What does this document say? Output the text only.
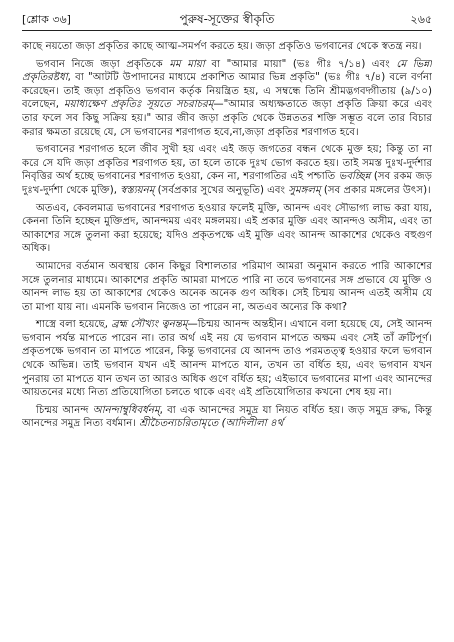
[শ্লোক ৩৬]	পুরুষ-সূক্তের স্বীকৃতি	২৬৫

কাছে নয়তো জড়া প্রকৃতির কাছে আত্ম-সমর্পণ করতে হয়। জড়া প্রকৃতিও ভগবানের থেকে স্বতন্ত্র নয়।

ভগবান নিজে জড়া প্রকৃতিকে মম মায়া বা "আমার মায়া" (ভঃ গীঃ ৭/১৪) এবং মে ভিন্না প্রকৃতিরষ্টধা, বা "আটটি উপাদানের মাধ্যমে প্রকাশিত আমার ভিন্ন প্রকৃতি" (ভঃ গীঃ ৭/৪) বলে বর্ণনা করেছেন। তাই জড়া প্রকৃতিও ভগবান কর্তৃক নিয়ন্ত্রিত হয়, এ সম্বন্ধে তিনি শ্রীমদ্ভগবদ্গীতায় (৯/১০) বলেছেন, ময়াধ্যক্ষেণ প্রকৃতিঃ সূয়তে সচরাচরম্—"আমার অধ্যক্ষতাতে জড়া প্রকৃতি ক্রিয়া করে এবং তার ফলে সব কিছু সক্রিয় হয়।" আর জীব জড়া প্রকৃতি থেকে উন্নততর শক্তি সম্ভূত বলে তার বিচার করার ক্ষমতা রয়েছে যে, সে ভগবানের শরণাগত হবে,না,জড়া প্রকৃতির শরণাগত হবে।

ভগবানের শরণাগত হলে জীব সুখী হয় এবং এই জড় জগতের বন্ধন থেকে মুক্ত হয়; কিন্তু তা না করে সে যদি জড়া প্রকৃতির শরণাগত হয়, তা হলে তাকে দুঃখ ভোগ করতে হয়। তাই সমস্ত দুঃখ-দুর্দশার নিবৃত্তির অর্থ হচ্ছে ভগবানের শরণাগত হওয়া, কেন না, শরণাগতির এই পশ্চাতি ভবচ্ছিন্ন (সব রকম জড় দুঃখ-দুর্দশা থেকে মুক্তি), স্বস্ত্যয়নম্ (সর্বপ্রকার সুখের অনুভূতি) এবং সুমঙ্গলম্ (সব প্রকার মঙ্গলের উৎস)।

অতএব, কেবলমাত্র ভগবানের শরণাগত হওয়ার ফলেই মুক্তি, আনন্দ এবং সৌভাগ্য লাভ করা যায়, কেননা তিনি হচ্ছেন মুক্তিপ্রদ, আনন্দময় এবং মঙ্গলময়। এই প্রকার মুক্তি এবং আনন্দও অসীম, এবং তা আকাশের সঙ্গে তুলনা করা হয়েছে; যদিও প্রকৃতপক্ষে এই মুক্তি এবং আনন্দ আকাশের থেকেও বহুগুণ অধিক।

আমাদের বর্তমান অবস্থায় কোন কিছুর বিশালতার পরিমাণ আমরা অনুমান করতে পারি আকাশের সঙ্গে তুলনার মাধ্যমে। আকাশের প্রকৃতি আমরা মাপতে পারি না তবে ভগবানের সঙ্গ প্রভাবে যে মুক্তি ও আনন্দ লাভ হয় তা আকাশের থেকেও অনেক অনেক গুণ অধিক। সেই চিন্ময় আনন্দ এতই অসীম যে তা মাপা যায় না। এমনকি ভগবান নিজেও তা পারেন না, অতএব অন্যের কি কথা?

শাস্ত্রে বলা হয়েছে, ব্রহ্ম সৌখ্যং ত্বনন্তম্—চিন্ময় আনন্দ অন্তহীন। এখানে বলা হয়েছে যে, সেই আনন্দ ভগবান পর্যন্ত মাপতে পারেন না। তার অর্থ এই নয় যে ভগবান মাপতে অক্ষম এবং সেই তাঁ ক্রটিপূর্ণ। প্রকৃতপক্ষে ভগবান তা মাপতে পারেন, কিন্তু ভগবানের যে আনন্দ তাও পরমতত্ত্ব হওয়ার ফলে ভগবান থেকে অভিন্ন। তাই ভগবান যখন এই আনন্দ মাপতে যান, তখন তা বর্ধিত হয়, এবং ভগবান যখন পুনরায় তা মাপতে যান তখন তা আরও অধিক গুণে বর্ধিত হয়; এইভাবে ভগবানের মাপা এবং আনন্দের আয়তনের মধ্যে নিত্য প্রতিযোগিতা চলতে থাকে এবং এই প্রতিযোগিতার কখনো শেষ হয় না।

চিন্ময় আনন্দ আনন্দাম্বুধিবর্ধনম্, বা এক আনন্দের সমুদ্র যা নিয়ত বর্ধিত হয়। জড় সমুদ্র রুদ্ধ, কিন্তু আনন্দের সমুদ্র নিত্য বর্ধমান। শ্রীচৈতন্যচরিতামৃতে (আদিলীলা ৪র্থ
